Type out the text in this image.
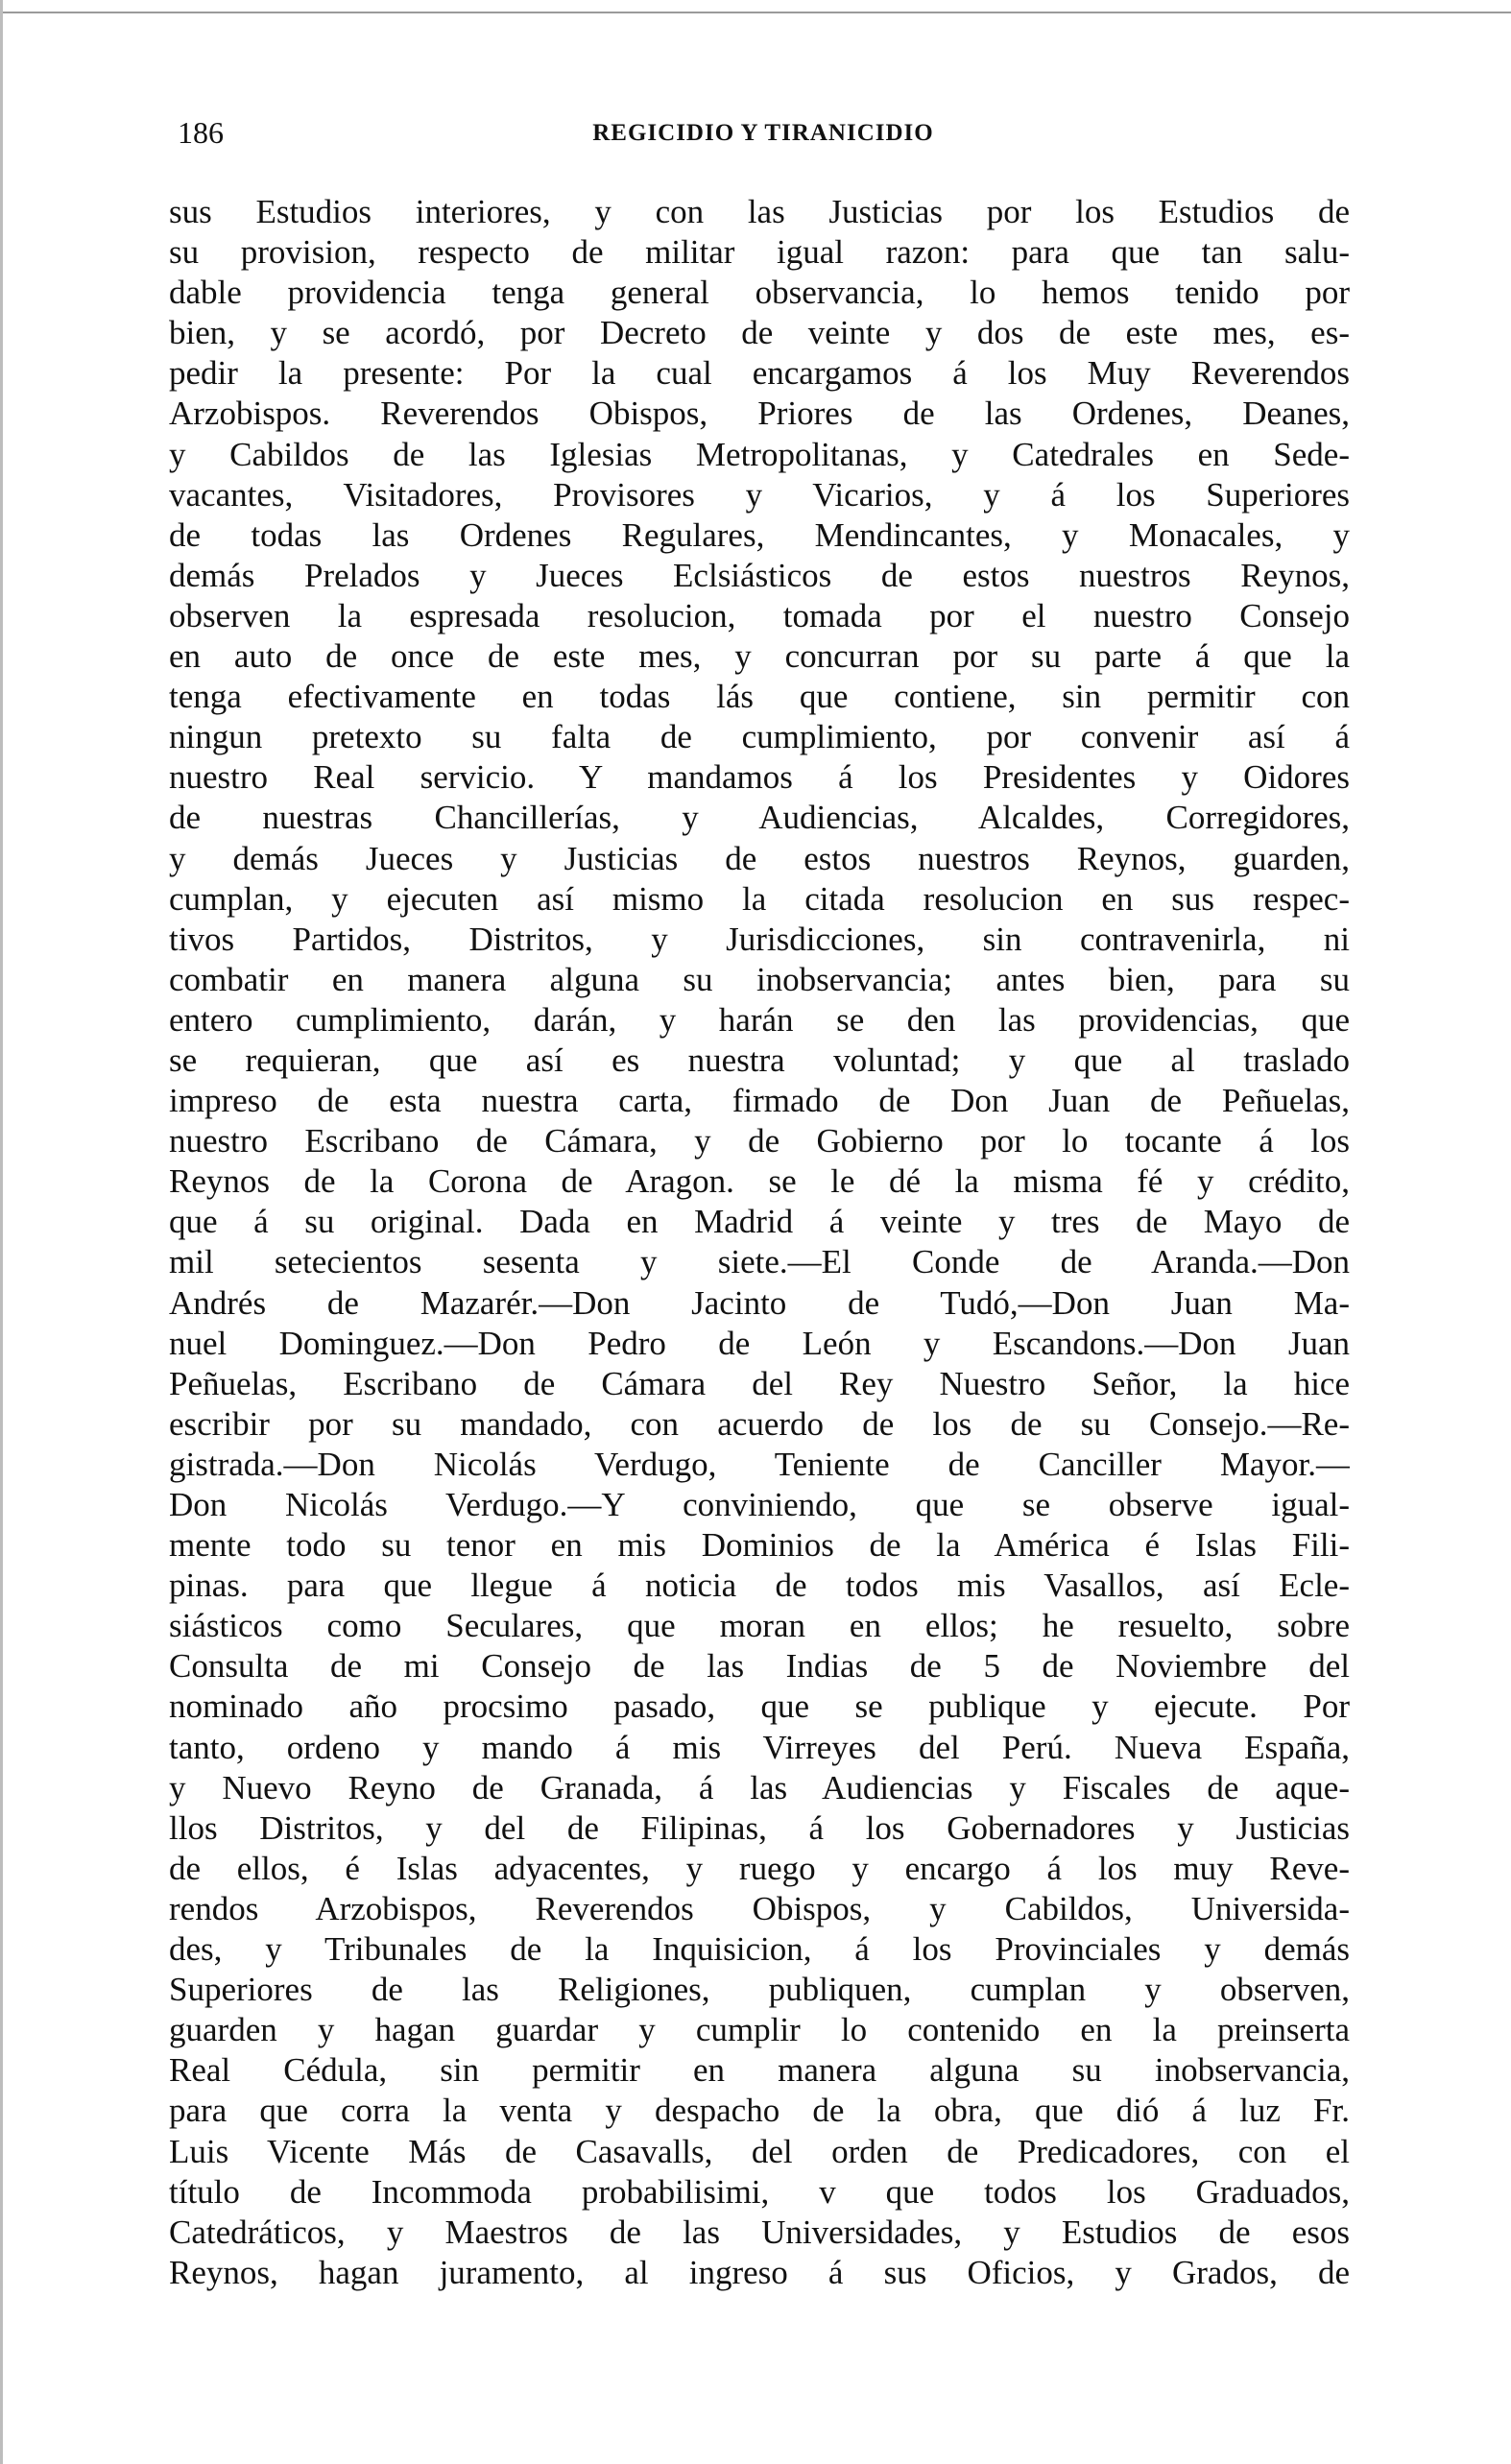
186	REGICIDIO Y TIRANICIDIO
sus Estudios interiores, y con las Justicias por los Estudios de
su provision, respecto de militar igual razon: para que tan salu-
dable providencia tenga general observancia, lo hemos tenido por
bien, y se acordó, por Decreto de veinte y dos de este mes, es-
pedir la presente: Por la cual encargamos á los Muy Reverendos
Arzobispos. Reverendos Obispos, Priores de las Ordenes, Deanes,
y Cabildos de las Iglesias Metropolitanas, y Catedrales en Sede-
vacantes, Visitadores, Provisores y Vicarios, y á los Superiores
de todas las Ordenes Regulares, Mendincantes, y Monacales, y
demás Prelados y Jueces Eclsiásticos de estos nuestros Reynos,
observen la espresada resolucion, tomada por el nuestro Consejo
en auto de once de este mes, y concurran por su parte á que la
tenga efectivamente en todas lás que contiene, sin permitir con
ningun pretexto su falta de cumplimiento, por convenir así á
nuestro Real servicio. Y mandamos á los Presidentes y Oidores
de nuestras Chancillerías, y Audiencias, Alcaldes, Corregidores,
y demás Jueces y Justicias de estos nuestros Reynos, guarden,
cumplan, y ejecuten así mismo la citada resolucion en sus respec-
tivos Partidos, Distritos, y Jurisdicciones, sin contravenirla, ni
combatir en manera alguna su inobservancia; antes bien, para su
entero cumplimiento, darán, y harán se den las providencias, que
se requieran, que así es nuestra voluntad; y que al traslado
impreso de esta nuestra carta, firmado de Don Juan de Peñuelas,
nuestro Escribano de Cámara, y de Gobierno por lo tocante á los
Reynos de la Corona de Aragon. se le dé la misma fé y crédito,
que á su original. Dada en Madrid á veinte y tres de Mayo de
mil setecientos sesenta y siete.—El Conde de Aranda.—Don
Andrés de Mazarér.—Don Jacinto de Tudó,—Don Juan Ma-
nuel Dominguez.—Don Pedro de León y Escandons.—Don Juan
Peñuelas, Escribano de Cámara del Rey Nuestro Señor, la hice
escribir por su mandado, con acuerdo de los de su Consejo.—Re-
gistrada.—Don Nicolás Verdugo, Teniente de Canciller Mayor.—
Don Nicolás Verdugo.—Y conviniendo, que se observe igual-
mente todo su tenor en mis Dominios de la América é Islas Fili-
pinas. para que llegue á noticia de todos mis Vasallos, así Ecle-
siásticos como Seculares, que moran en ellos; he resuelto, sobre
Consulta de mi Consejo de las Indias de 5 de Noviembre del
nominado año procsimo pasado, que se publique y ejecute. Por
tanto, ordeno y mando á mis Virreyes del Perú. Nueva España,
y Nuevo Reyno de Granada, á las Audiencias y Fiscales de aque-
llos Distritos, y del de Filipinas, á los Gobernadores y Justicias
de ellos, é Islas adyacentes, y ruego y encargo á los muy Reve-
rendos Arzobispos, Reverendos Obispos, y Cabildos, Universida-
des, y Tribunales de la Inquisicion, á los Provinciales y demás
Superiores de las Religiones, publiquen, cumplan y observen,
guarden y hagan guardar y cumplir lo contenido en la preinserta
Real Cédula, sin permitir en manera alguna su inobservancia,
para que corra la venta y despacho de la obra, que dió á luz Fr.
Luis Vicente Más de Casavalls, del orden de Predicadores, con el
título de Incommoda probabilisimi, v que todos los Graduados,
Catedráticos, y Maestros de las Universidades, y Estudios de esos
Reynos, hagan juramento, al ingreso á sus Oficios, y Grados, de
